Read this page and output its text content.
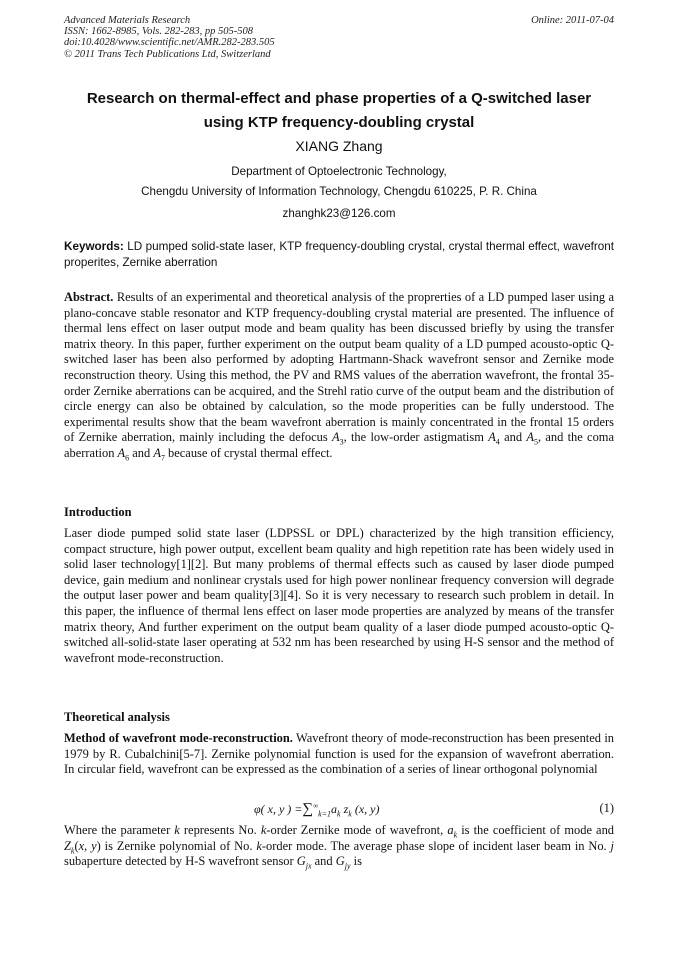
Advanced Materials Research
ISSN: 1662-8985, Vols. 282-283, pp 505-508
doi:10.4028/www.scientific.net/AMR.282-283.505
© 2011 Trans Tech Publications Ltd, Switzerland
Online: 2011-07-04
Research on thermal-effect and phase properties of a Q-switched laser
using KTP frequency-doubling crystal
XIANG Zhang
Department of Optoelectronic Technology,
Chengdu University of Information Technology, Chengdu 610225, P. R. China
zhanghk23@126.com
Keywords: LD pumped solid-state laser, KTP frequency-doubling crystal, crystal thermal effect, wavefront properites, Zernike aberration
Abstract. Results of an experimental and theoretical analysis of the proprerties of a LD pumped laser using a plano-concave stable resonator and KTP frequency-doubling crystal material are presented. The influence of thermal lens effect on laser output mode and beam quality has been discussed briefly by using the transfer matrix theory. In this paper, further experiment on the output beam quality of a LD pumped acousto-optic Q-switched laser has been also performed by adopting Hartmann-Shack wavefront sensor and Zernike mode reconstruction theory. Using this method, the PV and RMS values of the aberration wavefront, the frontal 35-order Zernike aberrations can be acquired, and the Strehl ratio curve of the output beam and the distribution of circle energy can also be obtained by calculation, so the mode properities can be fully understood. The experimental results show that the beam wavefront aberration is mainly concentrated in the frontal 15 orders of Zernike aberration, mainly including the defocus $A_3$, the low-order astigmatism $A_4$ and $A_5$, and the coma aberration $A_6$ and $A_7$ because of crystal thermal effect.
Introduction
Laser diode pumped solid state laser (LDPSSL or DPL) characterized by the high transition efficiency, compact structure, high power output, excellent beam quality and high repetition rate has been widely used in solid laser technology[1][2]. But many problems of thermal effects such as caused by laser diode pumped device, gain medium and nonlinear crystals used for high power nonlinear frequency conversion will degrade the output laser power and beam quality[3][4]. So it is very necessary to research such problem in detail. In this paper, the influence of thermal lens effect on laser mode properties are analyzed by means of the transfer matrix theory, And further experiment on the output beam quality of a laser diode pumped acousto-optic Q-switched all-solid-state laser operating at 532 nm has been researched by using H-S sensor and the method of wavefront mode-reconstruction.
Theoretical analysis
Method of wavefront mode-reconstruction. Wavefront theory of mode-reconstruction has been presented in 1979 by R. Cubalchini[5-7]. Zernike polynomial function is used for the expansion of wavefront aberration. In circular field, wavefront can be expressed as the combination of a series of linear orthogonal polynomial
φ( x, y ) $=\sum^\infty_{k=1}a_k$ $z_k$ (x, y)	(1)
Where the parameter k represents No. k-order Zernike mode of wavefront, $a_k$ is the coefficient of mode and $Z_k(x$, y) is Zernike polynomial of No. k-order mode. The average phase slope of incident laser beam in No. j subaperture detected by H-S wavefront sensor $G_{jx}$ and $G_{jy}$ is
